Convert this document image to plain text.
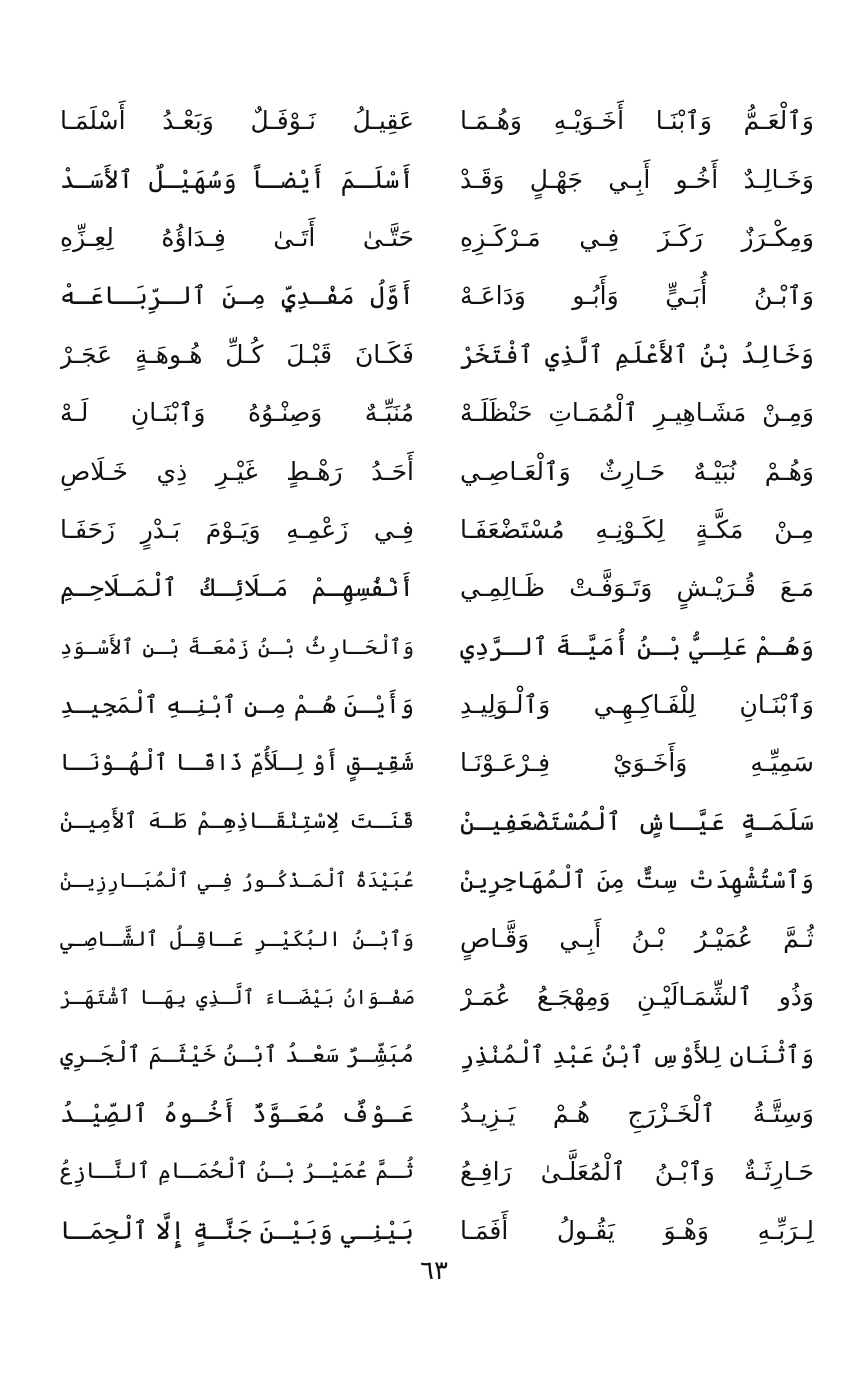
وَٱلْعَـمُّ وَٱبْنَـا أَخَـوَيْـهِ وَهُـمَـا
عَقِيـلُ نَـوْفَـلٌ وَبَعْـدُ أَسْلَمَـا
وَخَـالِـدٌ أَخُـو أَبِـي جَهْـلٍ وَقَـدْ
أَسْلَـمَ أَيْضـاً وَسُهَيْـلٌ ٱلأَسَـدْ
وَمِكْـرَزٌ رَكَـزَ فِـي مَـرْكَـزِهِ
حَتَّـىٰ أَتَـىٰ فِـدَاؤُهُ لِعِـزِّهِ
وَٱبْـنُ أُبَـيٍّ وَأَبُـو وَدَاعَـهْ
أَوَّلُ مَفْـدِيٍّ مِـنَ ٱلـرِّبَـاعَـهْ
وَخَالِدُ بْنُ ٱلأَعْلَمِ ٱلَّذِي ٱفْتَخَرْ
فَكَـانَ قَبْـلَ كُـلِّ هُـوهَـةٍ عَجَـرْ
وَمِـنْ مَشَـاهِيـرِ ٱلْمُمَـاتِ حَنْظَلَـهْ
مُنَبِّـهٌ وَصِنْـوُهُ وَٱبْنَـانِ لَـهْ
وَهُـمْ نُبَيْـهٌ حَـارِثٌ وَٱلْعَـاصِـي
أَحَـدُ رَهْـطٍ غَيْـرِ ذِي خَـلَاصِ
مِـنْ مَكَّـةٍ لِكَـوْنِـهِ مُسْتَضْعَفَـا
فِـي زَعْمِـهِ وَيَـوْمَ بَـدْرٍ زَحَفَـا
مَـعَ قُـرَيْـشٍ وَتَـوَفَّـتْ ظَـالِمِـي
أَنْفُسِهِـمْ مَـلَائِـكُ ٱلْمَـلَاحِـمِ
وَهُـمْ عَلِـيُّ بْـنُ أُمَيَّـةَ ٱلـرَّدِي
وَٱلْحَـارِثُ بْـنُ زَمْعَـةَ بْـنِ ٱلأَسْـوَدِ
وَٱبْنَـانِ لِلْفَـاكِـهِـي وَٱلْـوَلِيـدِ
وَأَيْـنَ هُـمْ مِـنِ ٱبْنِـهِ ٱلْمَجِيـدِ
سَمِيِّـهِ وَأَخَـوَيْ فِـرْعَـوْنَـا
شَقِيـقٍ أَوْ لِـلَأُمِّ ذَاقَـا ٱلْهُـوْنَـا
سَلَمَـةٍ عَيَّـاشٍ ٱلْمُسْتَضْعَفِيـنْ
قَنَـتَ لِاسْتِنْقَـاذِهِـمْ طَـهَ ٱلأَمِيـنْ
وَٱسْتُشْهِدَتْ سِتٌّ مِنَ ٱلْمُهَاجِرِينْ
عُبَيْدَةُ ٱلْمَـذْكُـورُ فِـي ٱلْمُبَـارِزِيـنْ
ثُـمَّ عُمَيْـرُ بْـنُ أَبِـي وَقَّـاصٍ
وَٱبْـنُ البُكَيْـرِ عَـاقِـلُ ٱلشَّـاصِـي
وَذُو ٱلشِّمَـالَيْـنِ وَمِهْجَـعُ عُمَـرْ
صَفْـوَانُ بَيْضَـاءَ ٱلَّـذِي بِهَـا ٱشْتَهَـرْ
وَٱثْنَانِ لِلأَوْسِ ٱبْنُ عَبْدِ ٱلْمُنْذِرِ
مُبَشِّـرٌ سَعْـدُ ٱبْـنُ خَيْثَـمَ ٱلْجَـرِي
وَسِتَّـةُ ٱلْخَـزْرَجِ هُـمْ يَـزِيـدُ
عَـوْفٌ مُعَـوَّذٌ أَخُـوهُ ٱلصِّيْـدُ
حَـارِثَـةٌ وَٱبْـنُ ٱلْمُعَلَّـىٰ رَافِـعُ
ثُـمَّ عُمَيْـرُ بْـنُ ٱلْحُمَـامِ ٱلنَّـازِعُ
لِـرَبِّـهِ وَهْـوَ يَقُـولُ أَفَمَـا
بَيْنِـي وَبَيْـنَ جَنَّـةٍ إِلَّا ٱلْحِمَـا
٦٣
